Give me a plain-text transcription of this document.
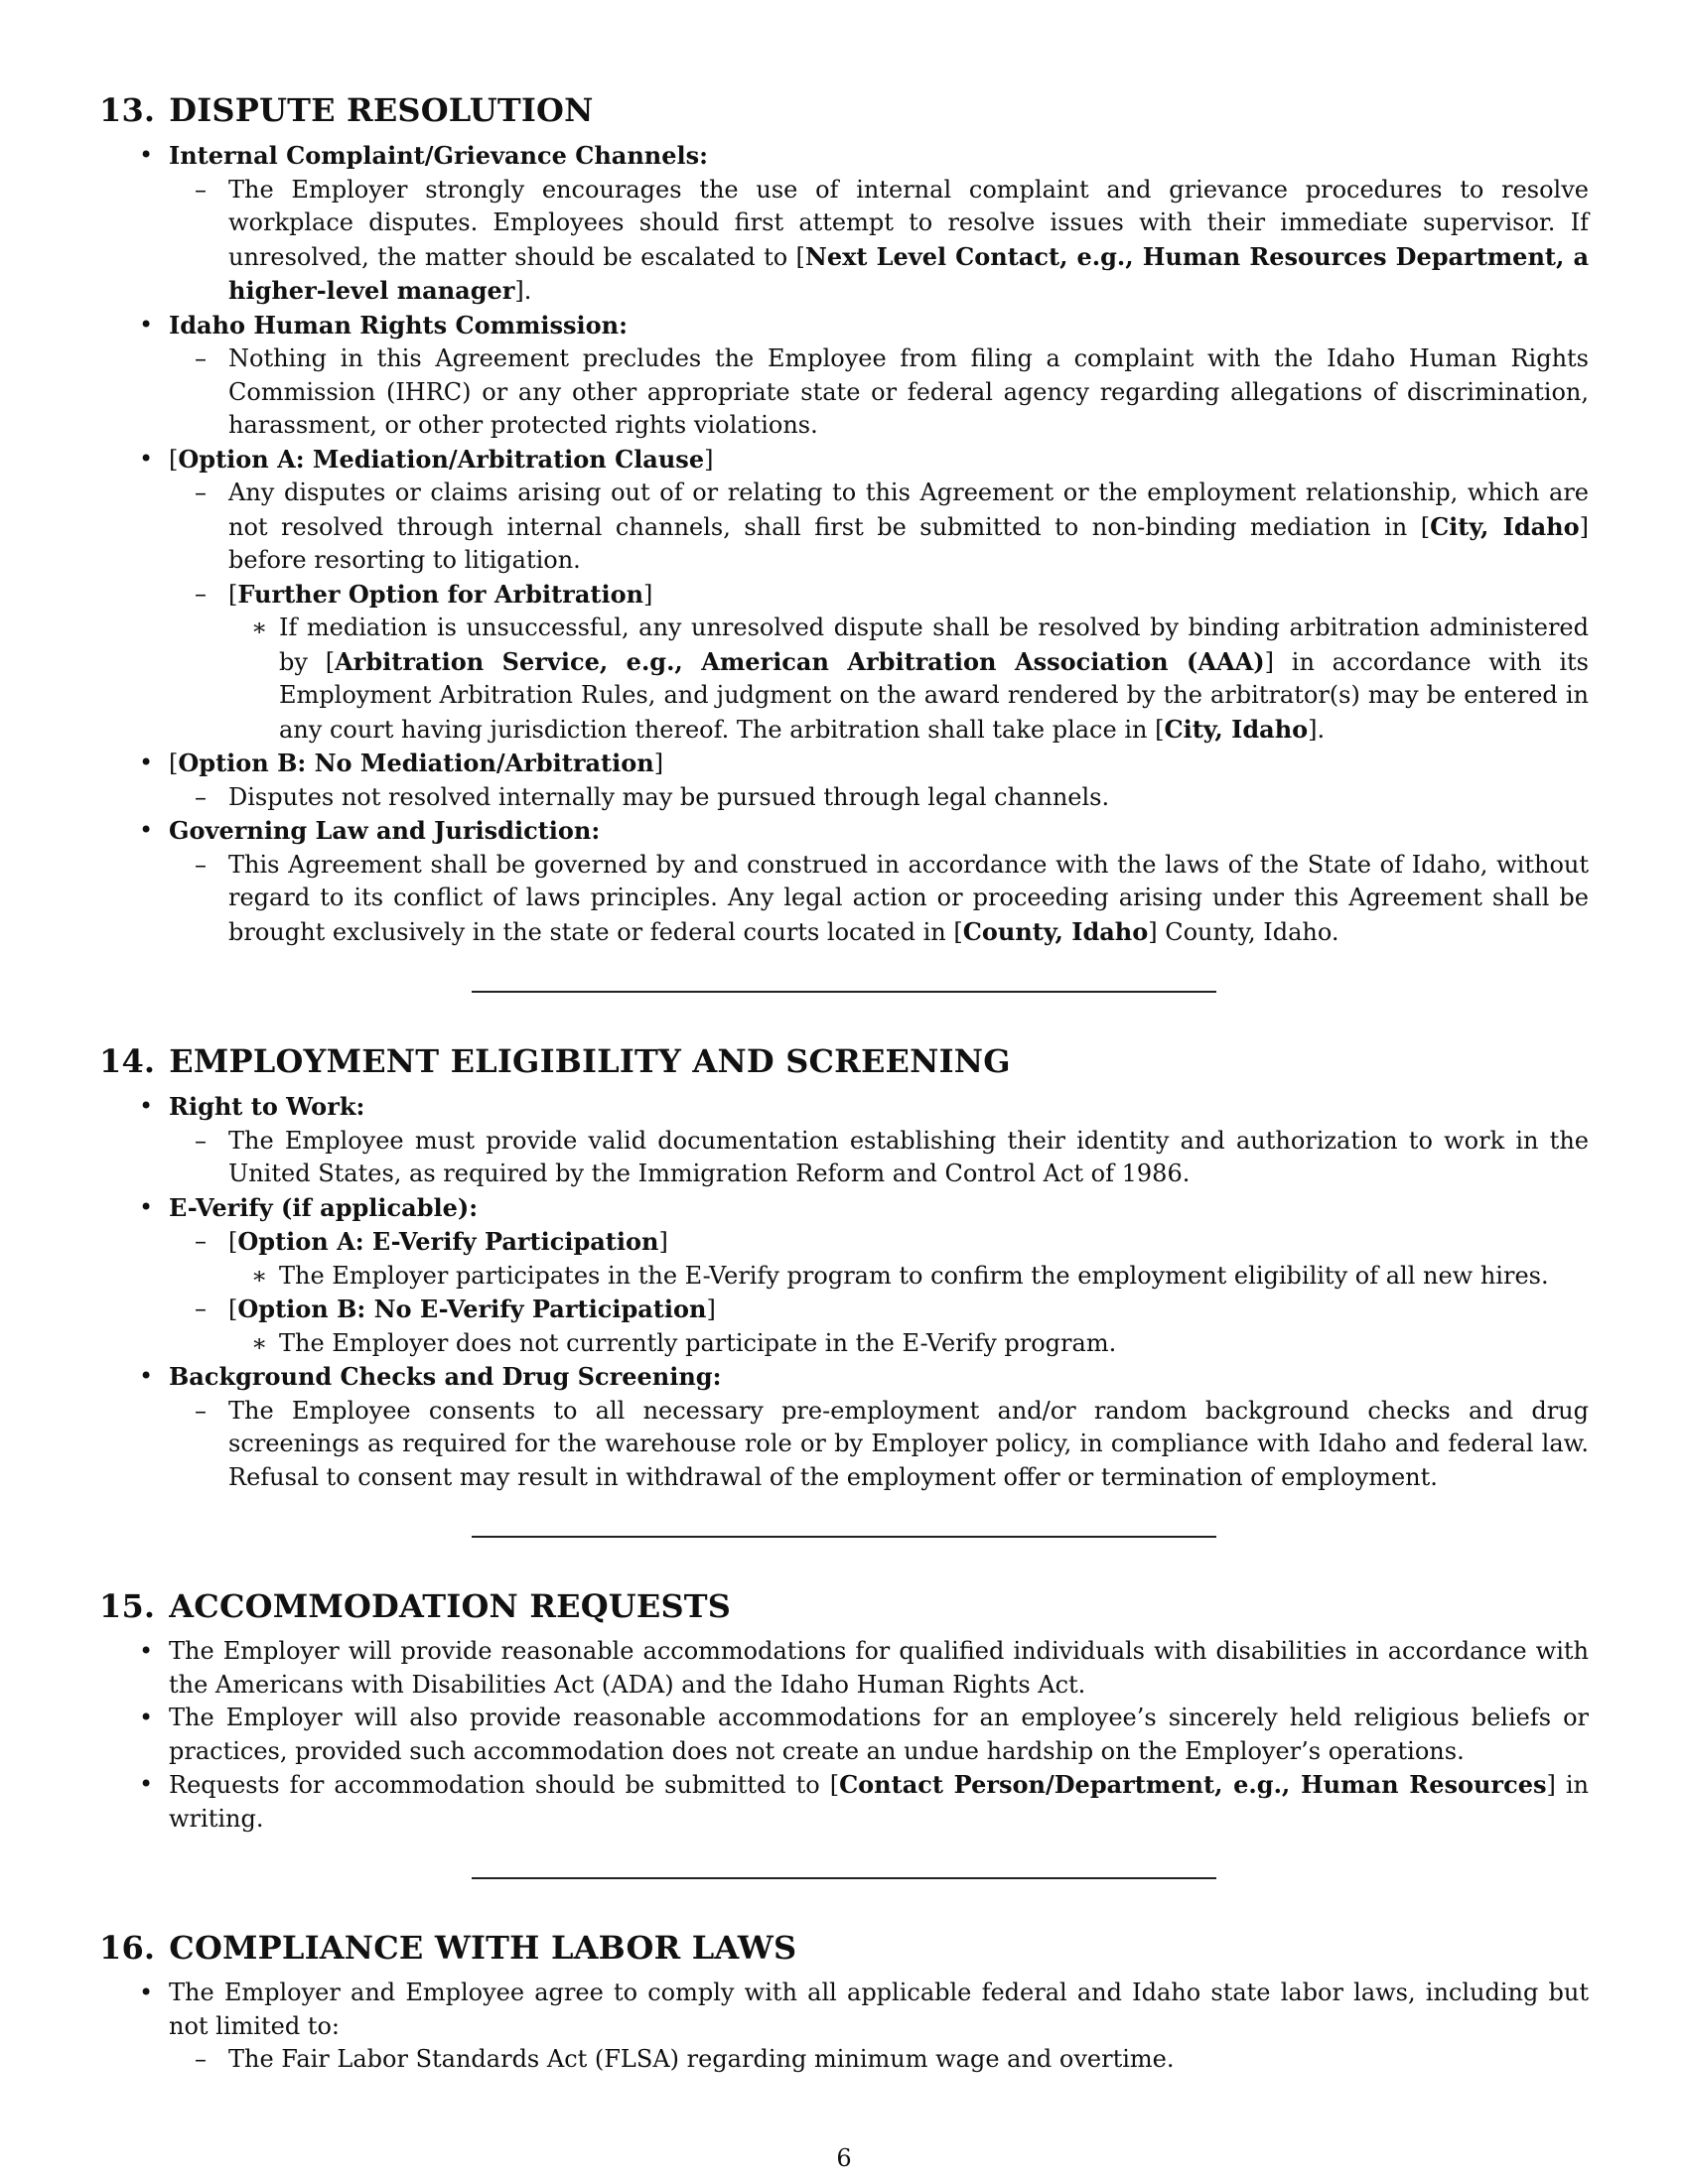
13. DISPUTE RESOLUTION
• Internal Complaint/Grievance Channels:
– The Employer strongly encourages the use of internal complaint and grievance procedures to resolve workplace disputes. Employees should first attempt to resolve issues with their immediate supervisor. If unresolved, the matter should be escalated to [Next Level Contact, e.g., Human Resources Department, a higher-level manager].
• Idaho Human Rights Commission:
– Nothing in this Agreement precludes the Employee from filing a complaint with the Idaho Human Rights Commission (IHRC) or any other appropriate state or federal agency regarding allegations of discrimination, harassment, or other protected rights violations.
• [Option A: Mediation/Arbitration Clause]
– Any disputes or claims arising out of or relating to this Agreement or the employment relationship, which are not resolved through internal channels, shall first be submitted to non-binding mediation in [City, Idaho] before resorting to litigation.
– [Further Option for Arbitration]
∗ If mediation is unsuccessful, any unresolved dispute shall be resolved by binding arbitration administered by [Arbitration Service, e.g., American Arbitration Association (AAA)] in accordance with its Employment Arbitration Rules, and judgment on the award rendered by the arbitrator(s) may be entered in any court having jurisdiction thereof. The arbitration shall take place in [City, Idaho].
• [Option B: No Mediation/Arbitration]
– Disputes not resolved internally may be pursued through legal channels.
• Governing Law and Jurisdiction:
– This Agreement shall be governed by and construed in accordance with the laws of the State of Idaho, without regard to its conflict of laws principles. Any legal action or proceeding arising under this Agreement shall be brought exclusively in the state or federal courts located in [County, Idaho] County, Idaho.
14. EMPLOYMENT ELIGIBILITY AND SCREENING
• Right to Work:
– The Employee must provide valid documentation establishing their identity and authorization to work in the United States, as required by the Immigration Reform and Control Act of 1986.
• E-Verify (if applicable):
– [Option A: E-Verify Participation]
∗ The Employer participates in the E-Verify program to confirm the employment eligibility of all new hires.
– [Option B: No E-Verify Participation]
∗ The Employer does not currently participate in the E-Verify program.
• Background Checks and Drug Screening:
– The Employee consents to all necessary pre-employment and/or random background checks and drug screenings as required for the warehouse role or by Employer policy, in compliance with Idaho and federal law. Refusal to consent may result in withdrawal of the employment offer or termination of employment.
15. ACCOMMODATION REQUESTS
• The Employer will provide reasonable accommodations for qualified individuals with disabilities in accordance with the Americans with Disabilities Act (ADA) and the Idaho Human Rights Act.
• The Employer will also provide reasonable accommodations for an employee’s sincerely held religious beliefs or practices, provided such accommodation does not create an undue hardship on the Employer’s operations.
• Requests for accommodation should be submitted to [Contact Person/Department, e.g., Human Resources] in writing.
16. COMPLIANCE WITH LABOR LAWS
• The Employer and Employee agree to comply with all applicable federal and Idaho state labor laws, including but not limited to:
– The Fair Labor Standards Act (FLSA) regarding minimum wage and overtime.
6
